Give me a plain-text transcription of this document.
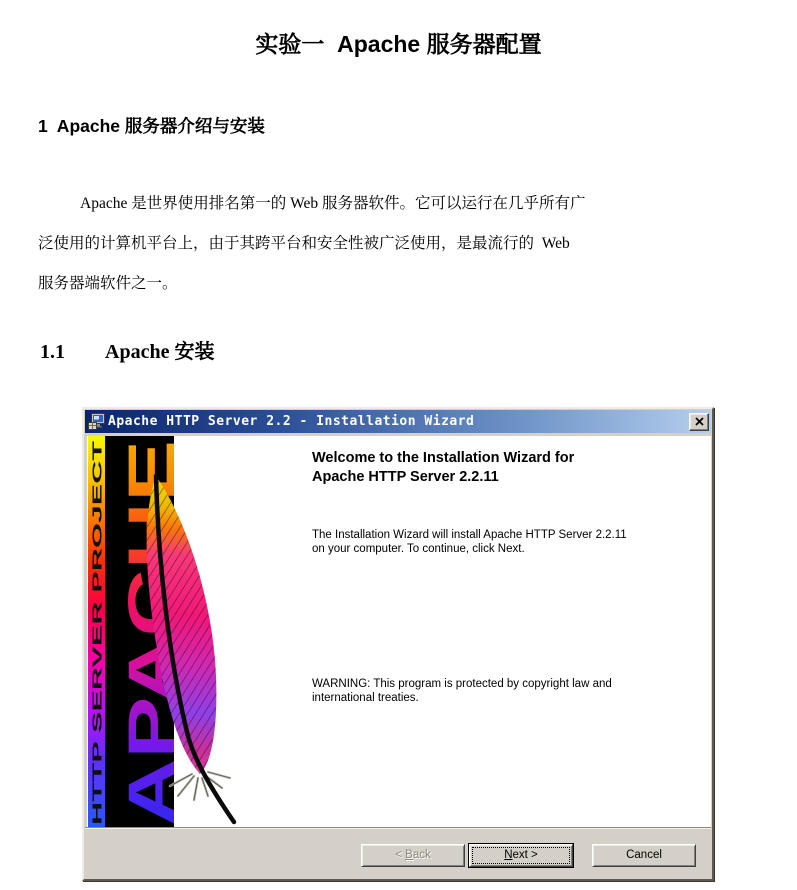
实验一  Apache 服务器配置
1  Apache 服务器介绍与安装
Apache 是世界使用排名第一的 Web 服务器软件。它可以运行在几乎所有广
泛使用的计算机平台上，由于其跨平台和安全性被广泛使用，是最流行的  Web
服务器端软件之一。
1.1 Apache 安装
Apache HTTP Server 2.2 - Installation Wizard
HTTP SERVER PROJECT APACHE
Welcome to the Installation Wizard for
Apache HTTP Server 2.2.11
The Installation Wizard will install Apache HTTP Server 2.2.11
on your computer. To continue, click Next.
WARNING: This program is protected by copyright law and
international treaties.
< Back	Next >	Cancel
